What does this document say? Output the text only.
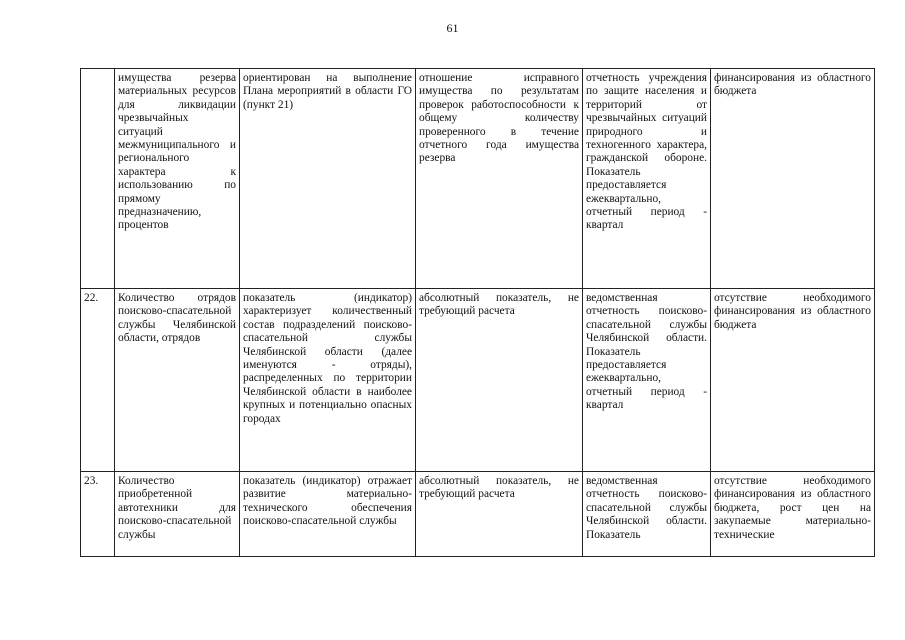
61
	имущества резерва материальных ресурсов для ликвидации чрезвычайных ситуаций межмуниципального и регионального характера к использованию по прямому предназначению, процентов	ориентирован на выполнение Плана мероприятий в области ГО (пункт 21)	отношение исправного имущества по результатам проверок работоспособности к общему количеству проверенного в течение отчетного года имущества резерва	отчетность учреждения по защите населения и территорий от чрезвычайных ситуаций природного и техногенного характера, гражданской обороне. Показатель предоставляется ежеквартально, отчетный период - квартал	финансирования из областного бюджета
22.	Количество отрядов поисково-спасательной службы Челябинской области, отрядов	показатель (индикатор) характеризует количественный состав подразделений поисково-спасательной службы Челябинской области (далее именуются - отряды), распределенных по территории Челябинской области в наиболее крупных и потенциально опасных городах	абсолютный показатель, не требующий расчета	ведомственная отчетность поисково-спасательной службы Челябинской области. Показатель предоставляется ежеквартально, отчетный период - квартал	отсутствие необходимого финансирования из областного бюджета
23.	Количество приобретенной автотехники для поисково-спасательной службы	показатель (индикатор) отражает развитие материально-технического обеспечения поисково-спасательной службы	абсолютный показатель, не требующий расчета	ведомственная отчетность поисково-спасательной службы Челябинской области. Показатель	отсутствие необходимого финансирования из областного бюджета, рост цен на закупаемые материально-технические
